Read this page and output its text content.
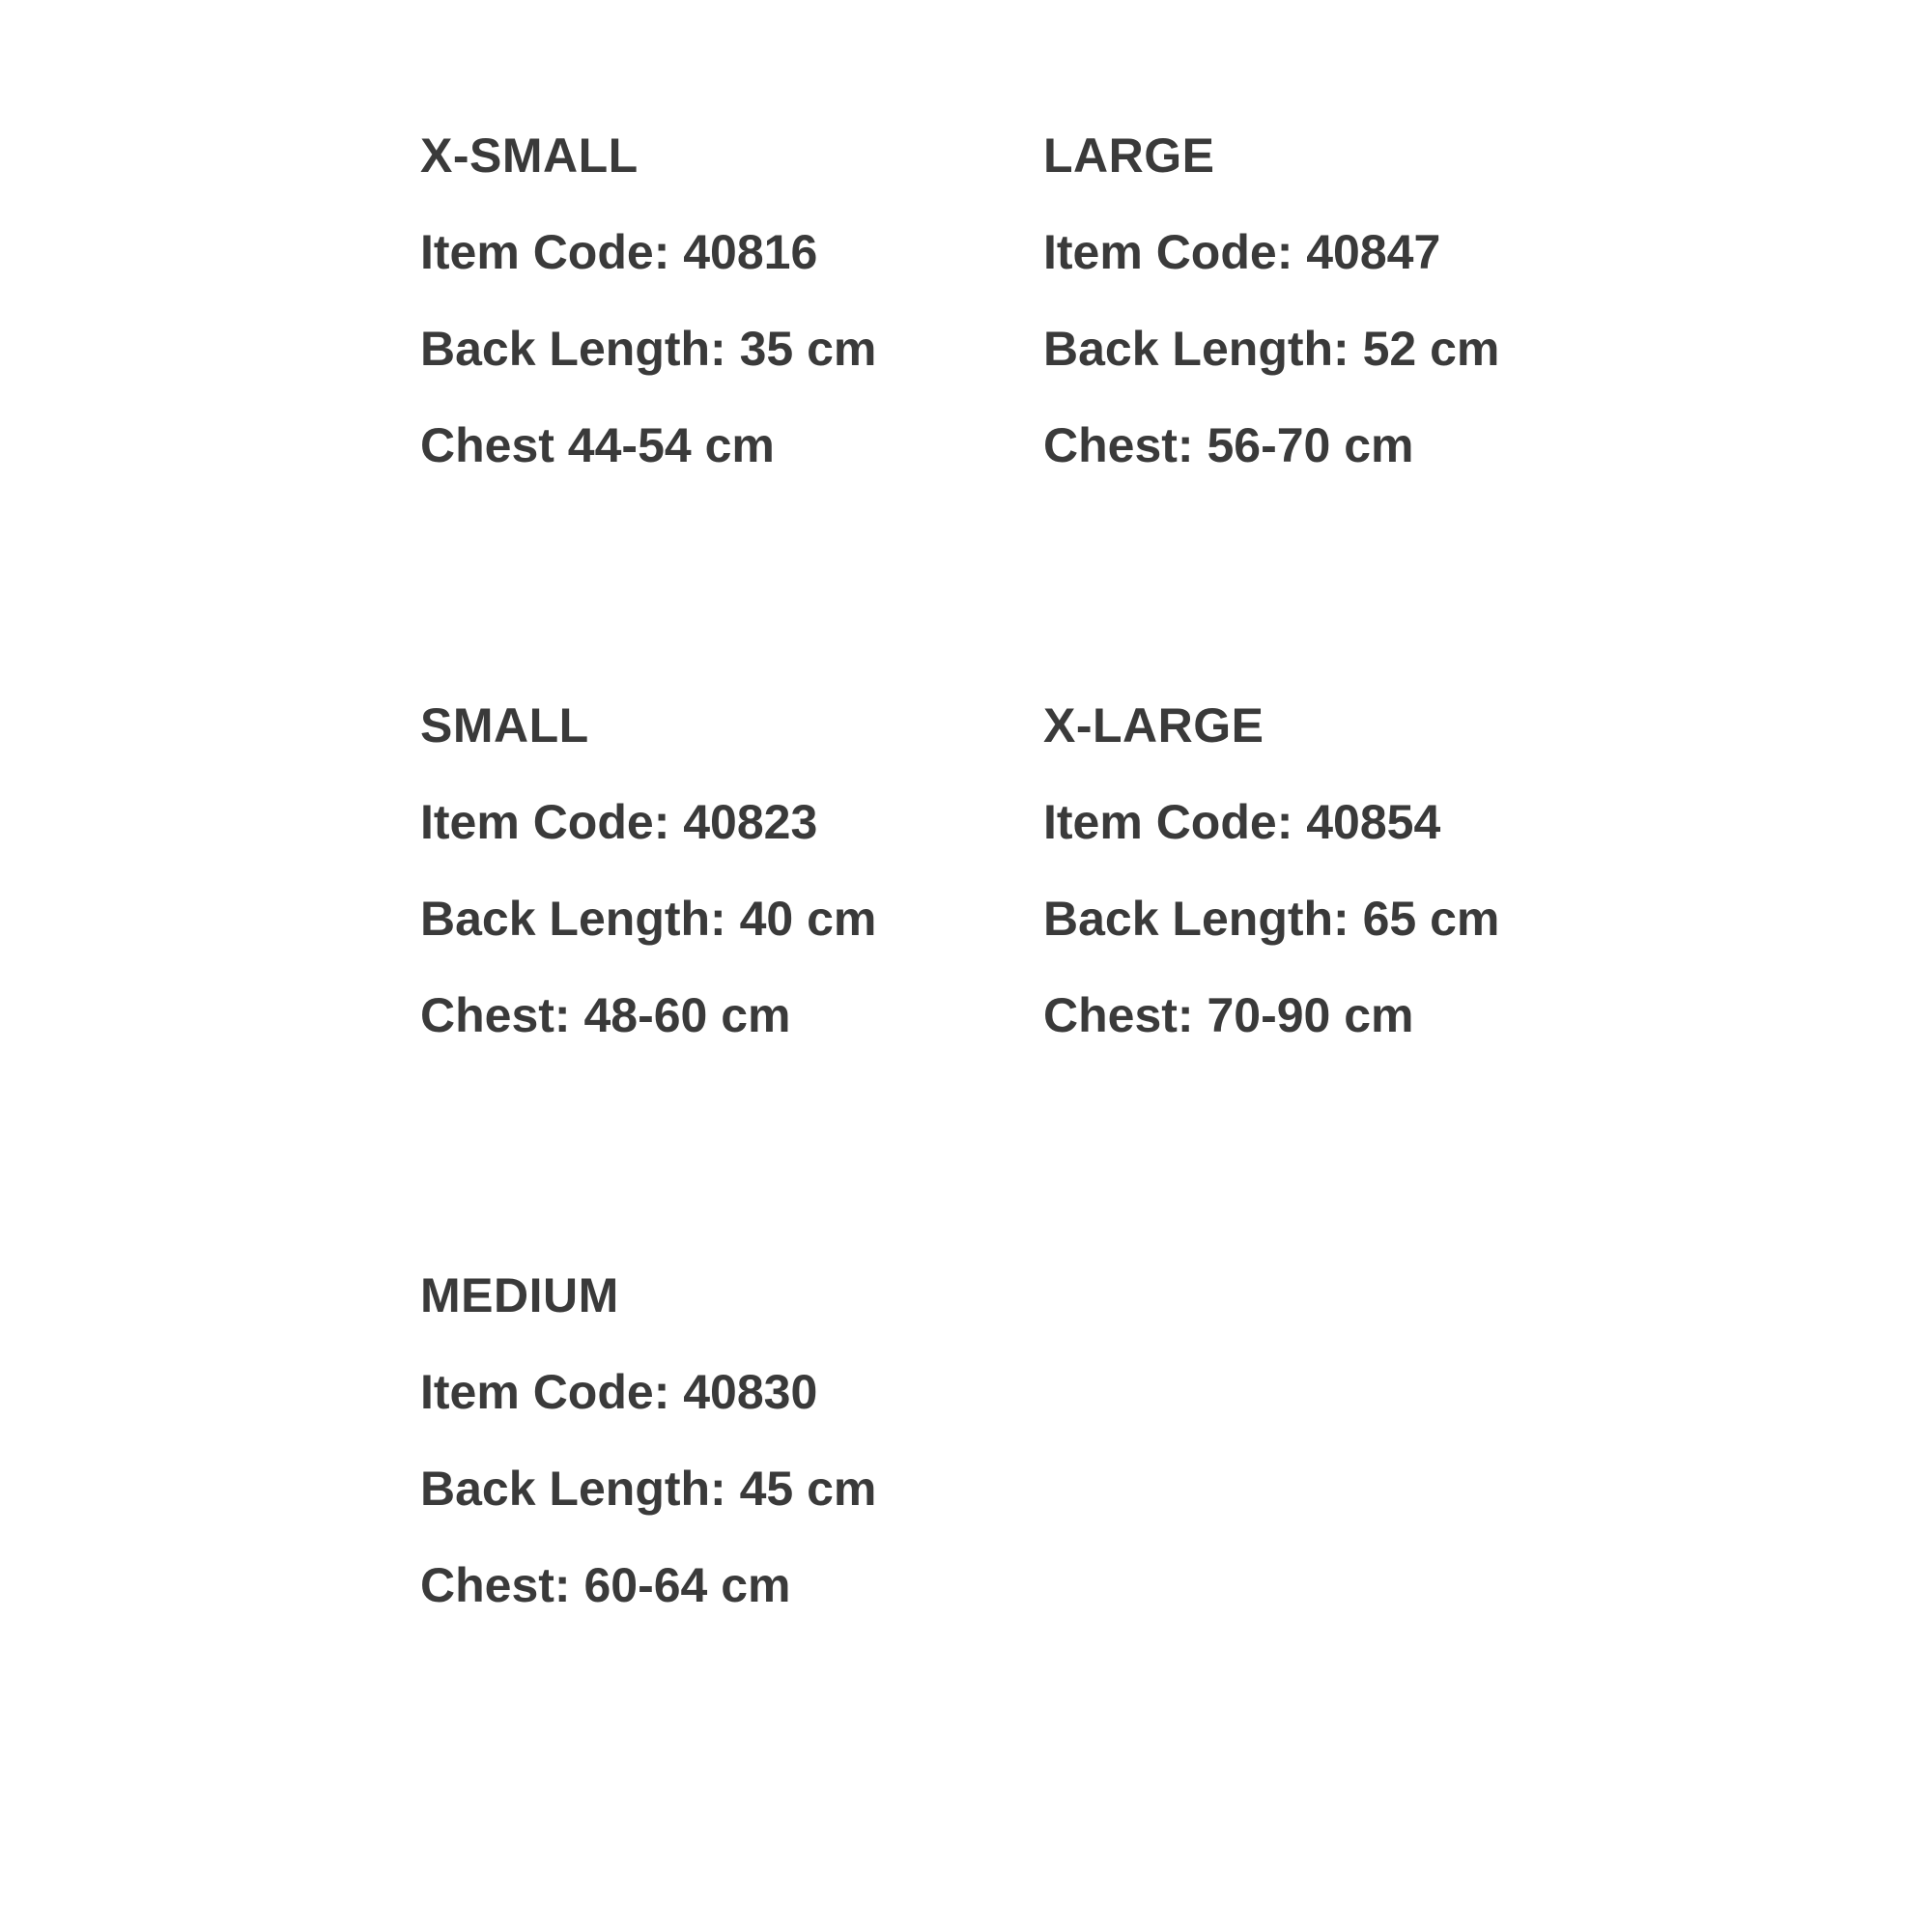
X-SMALL

Item Code: 40816

Back Length: 35 cm

Chest 44-54 cm

LARGE

Item Code: 40847

Back Length: 52 cm

Chest: 56-70 cm

SMALL

Item Code: 40823

Back Length: 40 cm

Chest: 48-60 cm

X-LARGE

Item Code: 40854

Back Length: 65 cm

Chest: 70-90 cm

MEDIUM

Item Code: 40830

Back Length: 45 cm

Chest: 60-64 cm
